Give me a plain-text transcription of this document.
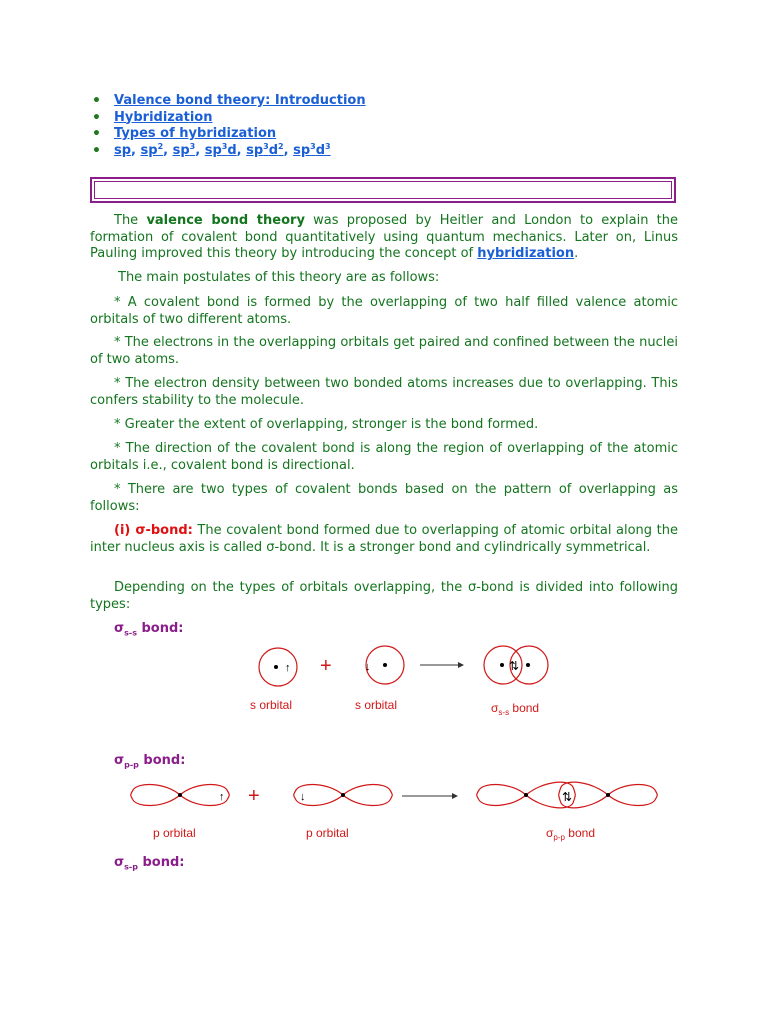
• Valence bond theory: Introduction
• Hybridization
• Types of hybridization
• sp, $sp^2$, $sp^3$, $sp^3d$, $sp^3d^2$, $sp^3d^3$

The valence bond theory was proposed by Heitler and London to explain the formation of covalent bond quantitatively using quantum mechanics. Later on, Linus Pauling improved this theory by introducing the concept of hybridization.

The main postulates of this theory are as follows:

* A covalent bond is formed by the overlapping of two half filled valence atomic orbitals of two different atoms.

* The electrons in the overlapping orbitals get paired and confined between the nuclei of two atoms.

* The electron density between two bonded atoms increases due to overlapping. This confers stability to the molecule.

* Greater the extent of overlapping, stronger is the bond formed.

* The direction of the covalent bond is along the region of overlapping of the atomic orbitals i.e., covalent bond is directional.

* There are two types of covalent bonds based on the pattern of overlapping as follows:

(i) σ-bond: The covalent bond formed due to overlapping of atomic orbital along the inter nucleus axis is called σ-bond. It is a stronger bond and cylindrically symmetrical.

Depending on the types of orbitals overlapping, the σ-bond is divided into following types:

$\sigma_{s-s}$ bond:
$\sigma_{p-p}$ bond:
$\sigma_{s-p}$ bond:
↑ +	↓	⇅
s orbital	s orbital	$\sigma_{s-s}$ bond
↑ +	↓	⇅
p orbital	p orbital	$\sigma_{p-p}$ bond
